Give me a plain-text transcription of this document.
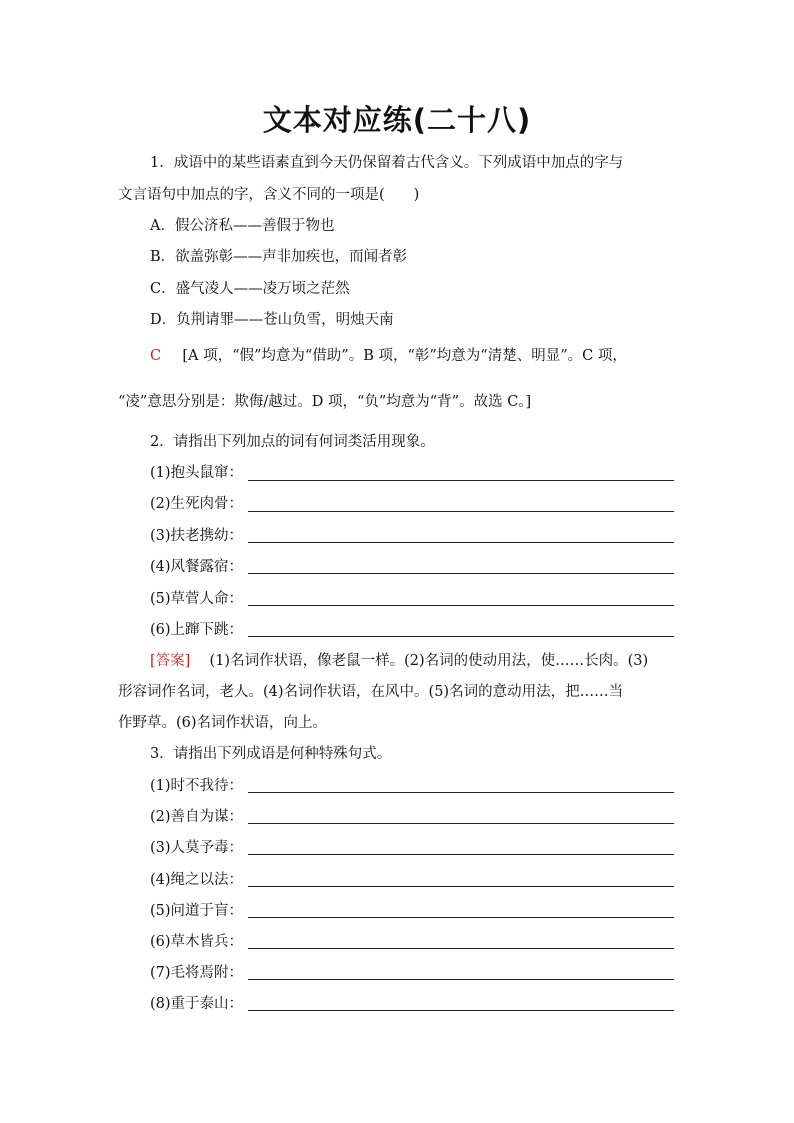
文本对应练(二十八)
1．成语中的某些语素直到今天仍保留着古代含义。下列成语中加点的字与
文言语句中加点的字，含义不同的一项是(　　)
A．假公济私——善假于物也
B．欲盖弥彰——声非加疾也，而闻者彰
C．盛气凌人——凌万顷之茫然
D．负荆请罪——苍山负雪，明烛天南
C [A 项，“假”均意为“借助”。B 项，“彰”均意为“清楚、明显”。C 项，
“凌”意思分别是：欺侮/越过。D 项，“负”均意为“背”。故选 C。]
2．请指出下列加点的词有何词类活用现象。
(1)抱头鼠窜：
(2)生死肉骨：
(3)扶老携幼：
(4)风餐露宿：
(5)草菅人命：
(6)上蹿下跳：
[答案] (1)名词作状语，像老鼠一样。(2)名词的使动用法，使……长肉。(3)
形容词作名词，老人。(4)名词作状语，在风中。(5)名词的意动用法，把……当
作野草。(6)名词作状语，向上。
3．请指出下列成语是何种特殊句式。
(1)时不我待：
(2)善自为谋：
(3)人莫予毒：
(4)绳之以法：
(5)问道于盲：
(6)草木皆兵：
(7)毛将焉附：
(8)重于泰山：
